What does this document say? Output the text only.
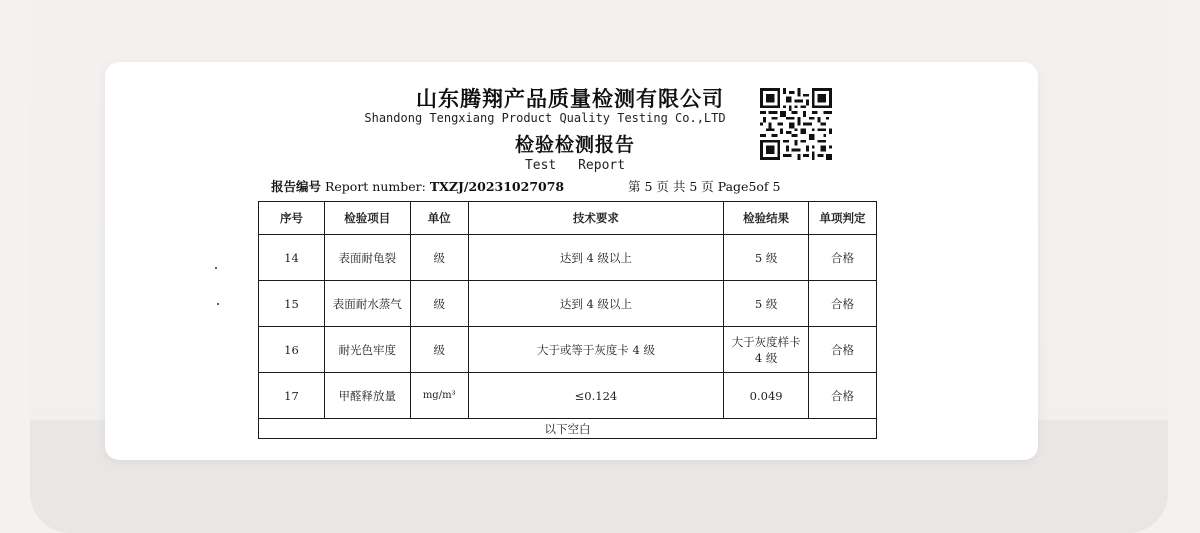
山东腾翔产品质量检测有限公司
Shandong Tengxiang Product Quality Testing Co.,LTD
检验检测报告
Test Report
报告编号 Report number: TXZJ/20231027078	第 5 页 共 5 页 Page5of 5
序号	检验项目	单位	技术要求	检验结果	单项判定
14	表面耐龟裂	级	达到 4 级以上	5 级	合格
15	表面耐水蒸气	级	达到 4 级以上	5 级	合格
16	耐光色牢度	级	大于或等于灰度卡 4 级	大于灰度样卡 4 级	合格
17	甲醛释放量	mg/m³	≤0.124	0.049	合格
以下空白					
